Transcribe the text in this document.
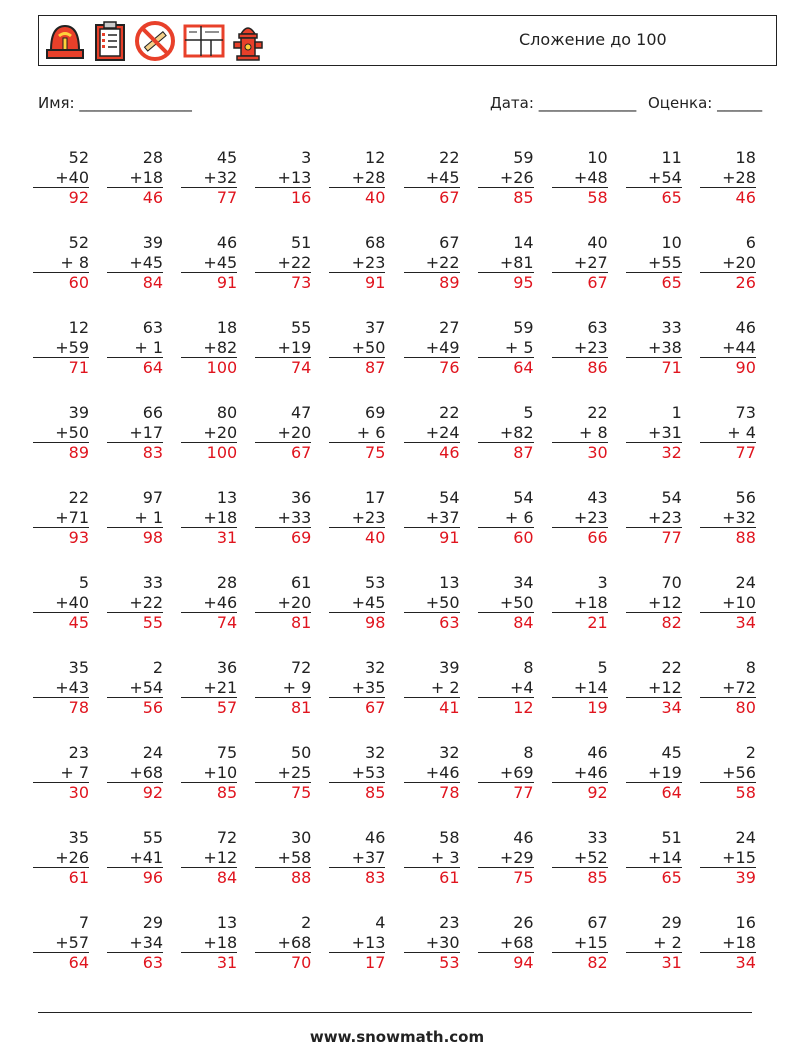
Сложение до 100
Имя: _______________	Дата: _____________ Оценка: ______
52
+40
92
28
+18
46
45
+32
77
3
+13
16
12
+28
40
22
+45
67
59
+26
85
10
+48
58
11
+54
65
18
+28
46
52
+ 8
60
39
+45
84
46
+45
91
51
+22
73
68
+23
91
67
+22
89
14
+81
95
40
+27
67
10
+55
65
6
+20
26
12
+59
71
63
+ 1
64
18
+82
100
55
+19
74
37
+50
87
27
+49
76
59
+ 5
64
63
+23
86
33
+38
71
46
+44
90
39
+50
89
66
+17
83
80
+20
100
47
+20
67
69
+ 6
75
22
+24
46
5
+82
87
22
+ 8
30
1
+31
32
73
+ 4
77
22
+71
93
97
+ 1
98
13
+18
31
36
+33
69
17
+23
40
54
+37
91
54
+ 6
60
43
+23
66
54
+23
77
56
+32
88
5
+40
45
33
+22
55
28
+46
74
61
+20
81
53
+45
98
13
+50
63
34
+50
84
3
+18
21
70
+12
82
24
+10
34
35
+43
78
2
+54
56
36
+21
57
72
+ 9
81
32
+35
67
39
+ 2
41
8
+4
12
5
+14
19
22
+12
34
8
+72
80
23
+ 7
30
24
+68
92
75
+10
85
50
+25
75
32
+53
85
32
+46
78
8
+69
77
46
+46
92
45
+19
64
2
+56
58
35
+26
61
55
+41
96
72
+12
84
30
+58
88
46
+37
83
58
+ 3
61
46
+29
75
33
+52
85
51
+14
65
24
+15
39
7
+57
64
29
+34
63
13
+18
31
2
+68
70
4
+13
17
23
+30
53
26
+68
94
67
+15
82
29
+ 2
31
16
+18
34
www.snowmath.com
